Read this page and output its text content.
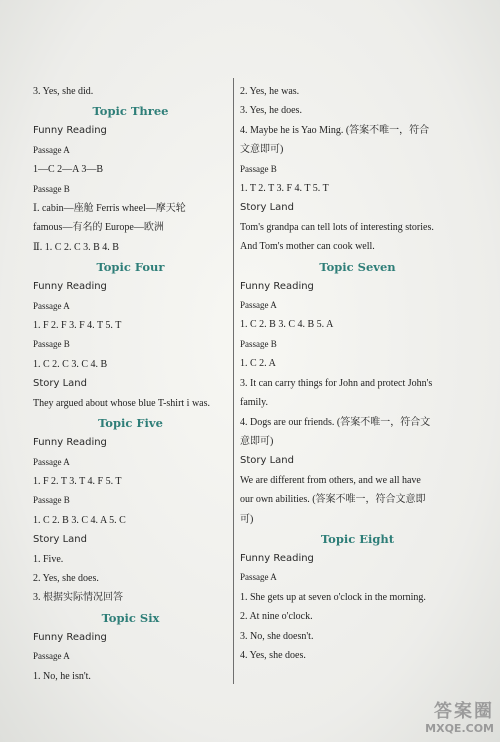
3. Yes, she did.
Topic Three
Funny Reading
Passage A
1—C 2—A 3—B
Passage B
Ⅰ. cabin—座舱 Ferris wheel—摩天轮
famous—有名的 Europe—欧洲
Ⅱ. 1. C 2. C 3. B 4. B
Topic Four
Funny Reading
Passage A
1. F 2. F 3. F 4. T 5. T
Passage B
1. C 2. C 3. C 4. B
Story Land
They argued about whose blue T-shirt i was.
Topic Five
Funny Reading
Passage A
1. F 2. T 3. T 4. F 5. T
Passage B
1. C 2. B 3. C 4. A 5. C
Story Land
1. Five.
2. Yes, she does.
3. 根据实际情况回答
Topic Six
Funny Reading
Passage A
1. No, he isn't.
2. Yes, he was.
3. Yes, he does.
4. Maybe he is Yao Ming. (答案不唯一，符合
文意即可)
Passage B
1. T 2. T 3. F 4. T 5. T
Story Land
Tom's grandpa can tell lots of interesting stories.
And Tom's mother can cook well.
Topic Seven
Funny Reading
Passage A
1. C 2. B 3. C 4. B 5. A
Passage B
1. C 2. A
3. It can carry things for John and protect John's
family.
4. Dogs are our friends. (答案不唯一，符合文
意即可)
Story Land
We are different from others, and we all have
our own abilities. (答案不唯一，符合文意即
可)
Topic Eight
Funny Reading
Passage A
1. She gets up at seven o'clock in the morning.
2. At nine o'clock.
3. No, she doesn't.
4. Yes, she does.
答案圈
MXQE.COM
